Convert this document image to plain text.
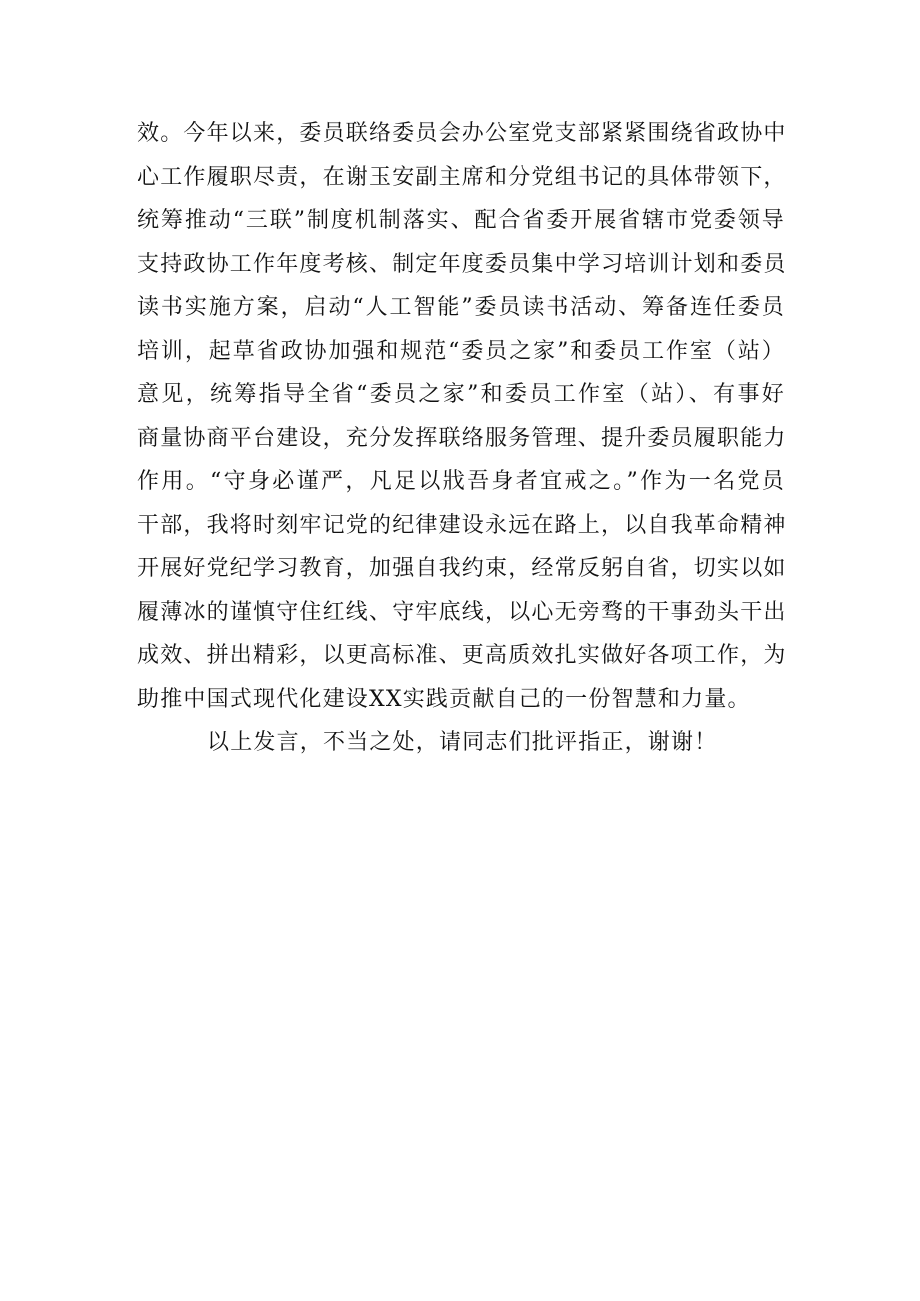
效。今年以来，委员联络委员会办公室党支部紧紧围绕省政协中
心工作履职尽责，在谢玉安副主席和分党组书记的具体带领下，
统筹推动“三联”制度机制落实、配合省委开展省辖市党委领导
支持政协工作年度考核、制定年度委员集中学习培训计划和委员
读书实施方案，启动“人工智能”委员读书活动、筹备连任委员
培训，起草省政协加强和规范“委员之家”和委员工作室（站）
意见，统筹指导全省“委员之家”和委员工作室（站）、有事好
商量协商平台建设，充分发挥联络服务管理、提升委员履职能力
作用。“守身必谨严，凡足以戕吾身者宜戒之。”作为一名党员
干部，我将时刻牢记党的纪律建设永远在路上，以自我革命精神
开展好党纪学习教育，加强自我约束，经常反躬自省，切实以如
履薄冰的谨慎守住红线、守牢底线，以心无旁骛的干事劲头干出
成效、拼出精彩，以更高标准、更高质效扎实做好各项工作，为
助推中国式现代化建设XX实践贡献自己的一份智慧和力量。
以上发言，不当之处，请同志们批评指正，谢谢！
